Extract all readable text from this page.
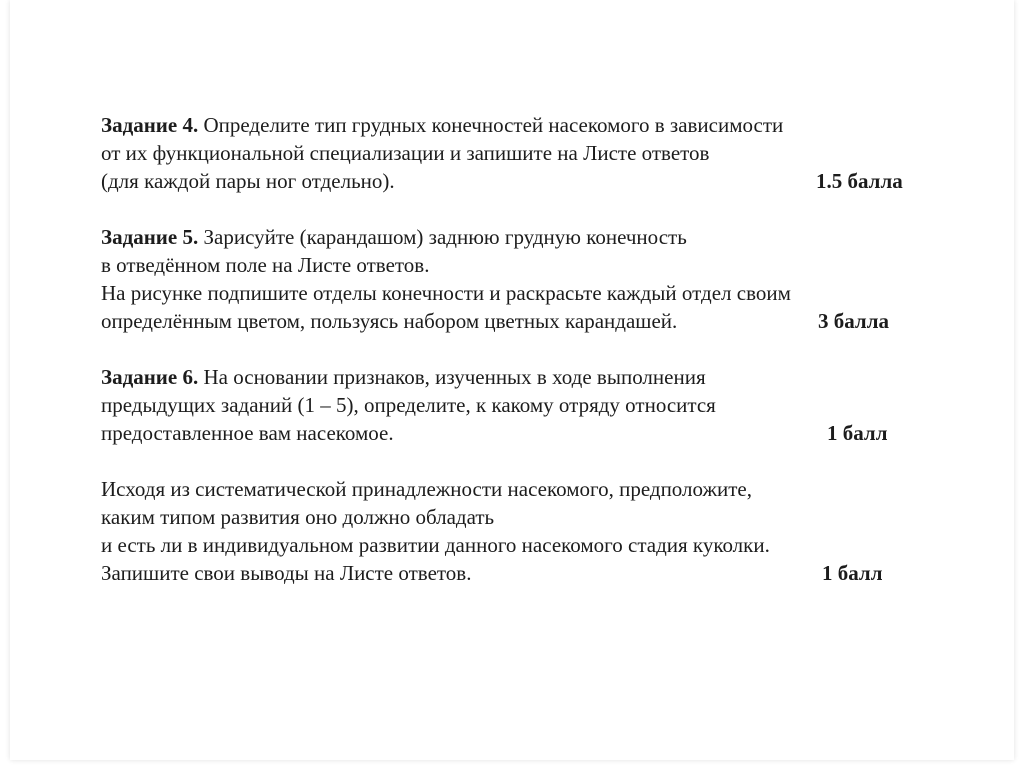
Задание 4. Определите тип грудных конечностей насекомого в зависимости
от их функциональной специализации и запишите на Листе ответов
(для каждой пары ног отдельно).	1.5 балла
Задание 5. Зарисуйте (карандашом) заднюю грудную конечность
в отведённом поле на Листе ответов.
На рисунке подпишите отделы конечности и раскрасьте каждый отдел своим
определённым цветом, пользуясь набором цветных карандашей.	3 балла
Задание 6. На основании признаков, изученных в ходе выполнения
предыдущих заданий (1 – 5), определите, к какому отряду относится
предоставленное вам насекомое.	1 балл
Исходя из систематической принадлежности насекомого, предположите,
каким типом развития оно должно обладать
и есть ли в индивидуальном развитии данного насекомого стадия куколки.
Запишите свои выводы на Листе ответов.	1 балл
